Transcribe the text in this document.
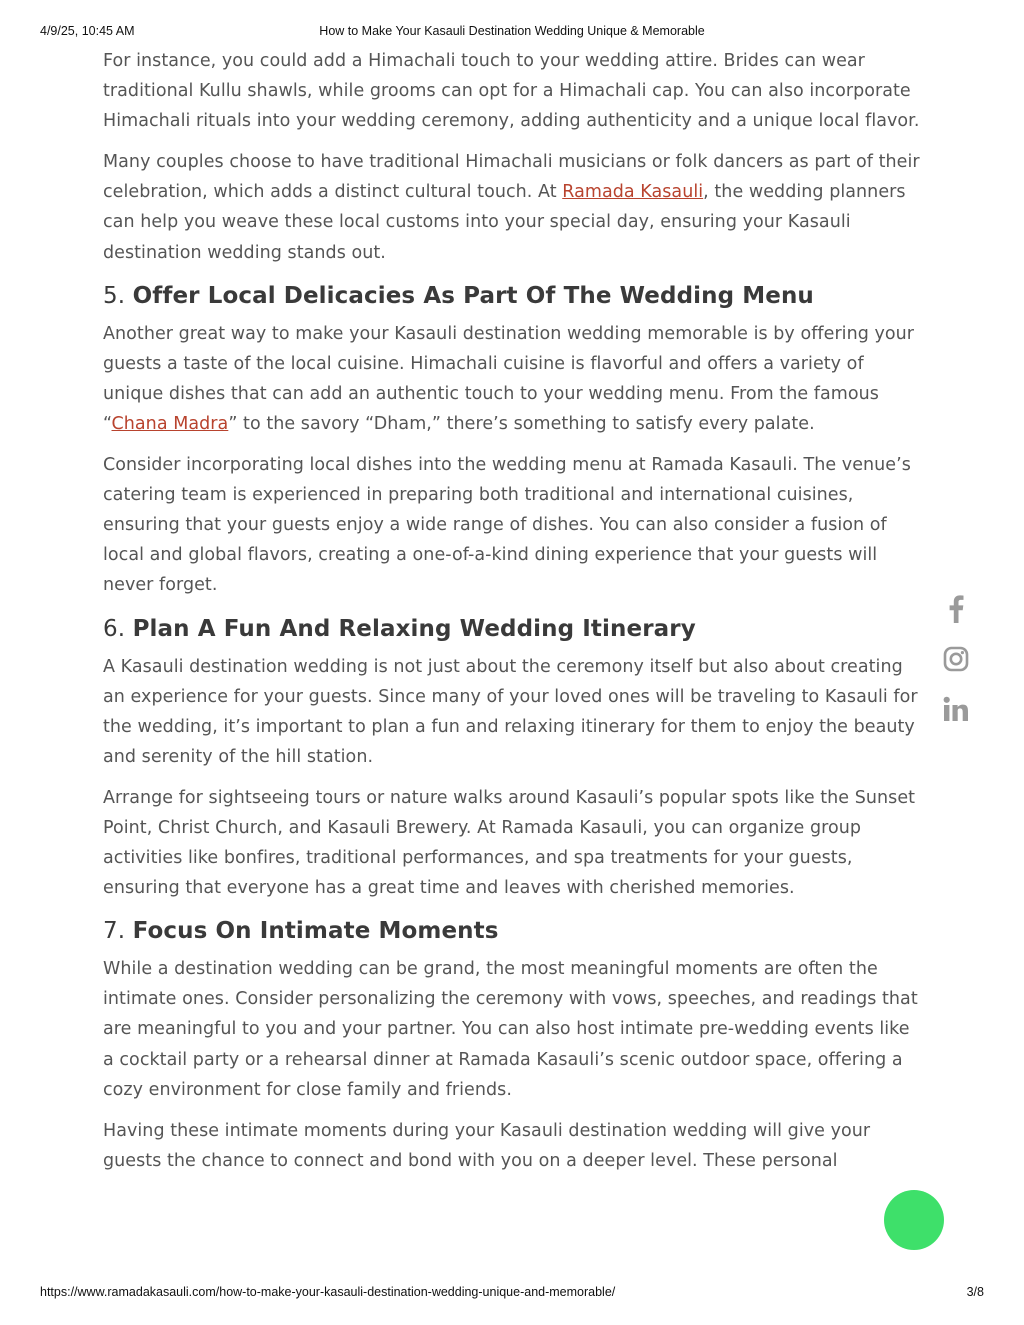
4/9/25, 10:45 AM	How to Make Your Kasauli Destination Wedding Unique & Memorable

For instance, you could add a Himachali touch to your wedding attire. Brides can wear traditional Kullu shawls, while grooms can opt for a Himachali cap. You can also incorporate Himachali rituals into your wedding ceremony, adding authenticity and a unique local flavor.

Many couples choose to have traditional Himachali musicians or folk dancers as part of their celebration, which adds a distinct cultural touch. At Ramada Kasauli, the wedding planners can help you weave these local customs into your special day, ensuring your Kasauli destination wedding stands out.

5. Offer Local Delicacies As Part Of The Wedding Menu

Another great way to make your Kasauli destination wedding memorable is by offering your guests a taste of the local cuisine. Himachali cuisine is flavorful and offers a variety of unique dishes that can add an authentic touch to your wedding menu. From the famous “Chana Madra” to the savory “Dham,” there’s something to satisfy every palate.

Consider incorporating local dishes into the wedding menu at Ramada Kasauli. The venue’s catering team is experienced in preparing both traditional and international cuisines, ensuring that your guests enjoy a wide range of dishes. You can also consider a fusion of local and global flavors, creating a one-of-a-kind dining experience that your guests will never forget.

6. Plan A Fun And Relaxing Wedding Itinerary

A Kasauli destination wedding is not just about the ceremony itself but also about creating an experience for your guests. Since many of your loved ones will be traveling to Kasauli for the wedding, it’s important to plan a fun and relaxing itinerary for them to enjoy the beauty and serenity of the hill station.

Arrange for sightseeing tours or nature walks around Kasauli’s popular spots like the Sunset Point, Christ Church, and Kasauli Brewery. At Ramada Kasauli, you can organize group activities like bonfires, traditional performances, and spa treatments for your guests, ensuring that everyone has a great time and leaves with cherished memories.

7. Focus On Intimate Moments

While a destination wedding can be grand, the most meaningful moments are often the intimate ones. Consider personalizing the ceremony with vows, speeches, and readings that are meaningful to you and your partner. You can also host intimate pre-wedding events like a cocktail party or a rehearsal dinner at Ramada Kasauli’s scenic outdoor space, offering a cozy environment for close family and friends.

Having these intimate moments during your Kasauli destination wedding will give your guests the chance to connect and bond with you on a deeper level. These personal

https://www.ramadakasauli.com/how-to-make-your-kasauli-destination-wedding-unique-and-memorable/	3/8
